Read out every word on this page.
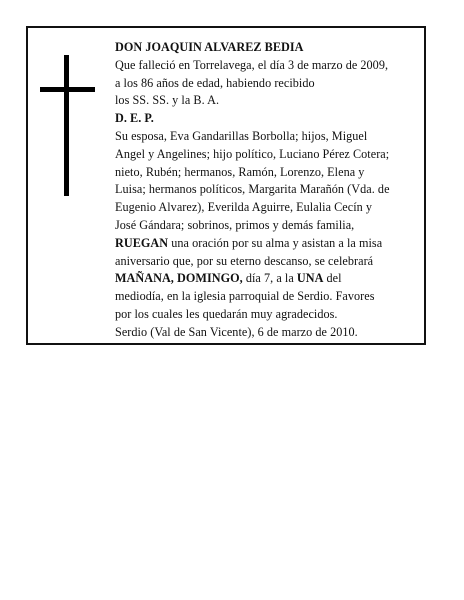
DON JOAQUIN ALVAREZ BEDIA
Que falleció en Torrelavega, el día 3 de marzo de 2009,
a los 86 años de edad, habiendo recibido
los SS. SS. y la B. A.
D. E. P.
Su esposa, Eva Gandarillas Borbolla; hijos, Miguel
Angel y Angelines; hijo político, Luciano Pérez Cotera;
nieto, Rubén; hermanos, Ramón, Lorenzo, Elena y
Luisa; hermanos políticos, Margarita Marañón (Vda. de
Eugenio Alvarez), Everilda Aguirre, Eulalia Cecín y
José Gándara; sobrinos, primos y demás familia,
RUEGAN una oración por su alma y asistan a la misa
aniversario que, por su eterno descanso, se celebrará
MAÑANA, DOMINGO, día 7, a la UNA del
mediodía, en la iglesia parroquial de Serdio. Favores
por los cuales les quedarán muy agradecidos.
Serdio (Val de San Vicente), 6 de marzo de 2010.
